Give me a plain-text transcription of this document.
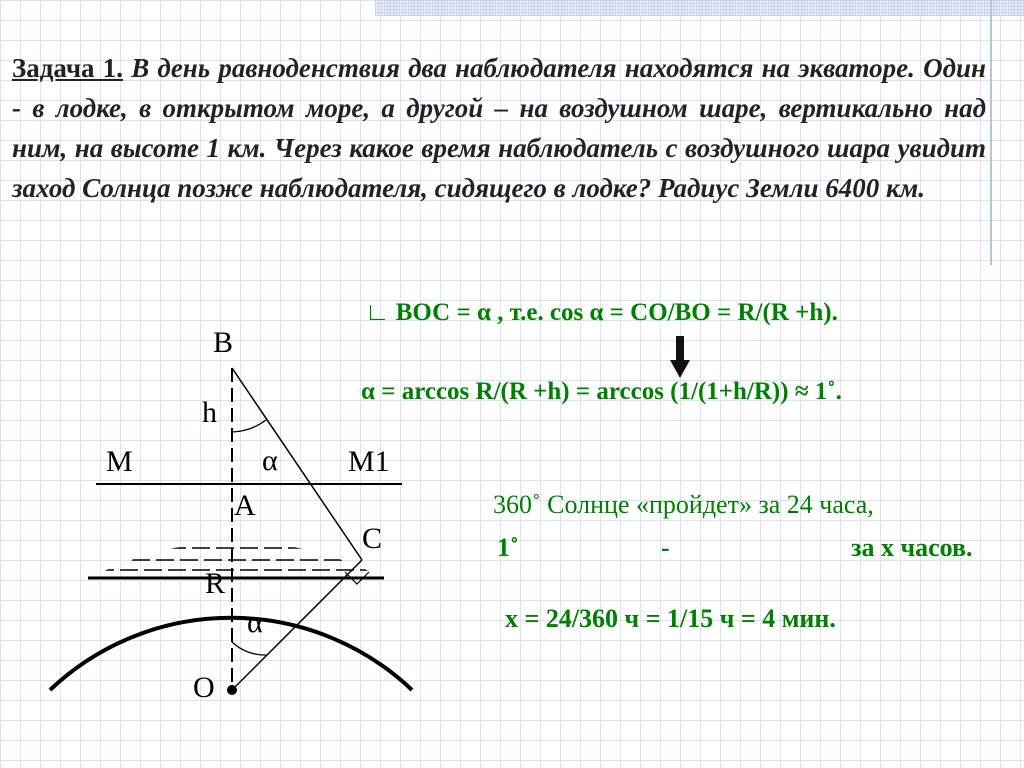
Задача 1. В день равноденствия два наблюдателя находятся на экваторе. Один - в лодке, в открытом море, а другой – на воздушном шаре, вертикально над ним, на высоте 1 км. Через какое время наблюдатель с воздушного шара увидит заход Солнца позже наблюдателя, сидящего в лодке? Радиус Земли 6400 км.
∟ ВОС = α , т.е. cos α = CO/BO = R/(R +h).
α = arccos R/(R +h) = arccos (1/(1+h/R)) ≈ 1˚.
360˚ Солнце «пройдет» за 24 часа,
1˚	-	за х часов.
х = 24/360 ч = 1/15 ч = 4 мин.
B
h
M	M1
α
A
C
R
α
O
